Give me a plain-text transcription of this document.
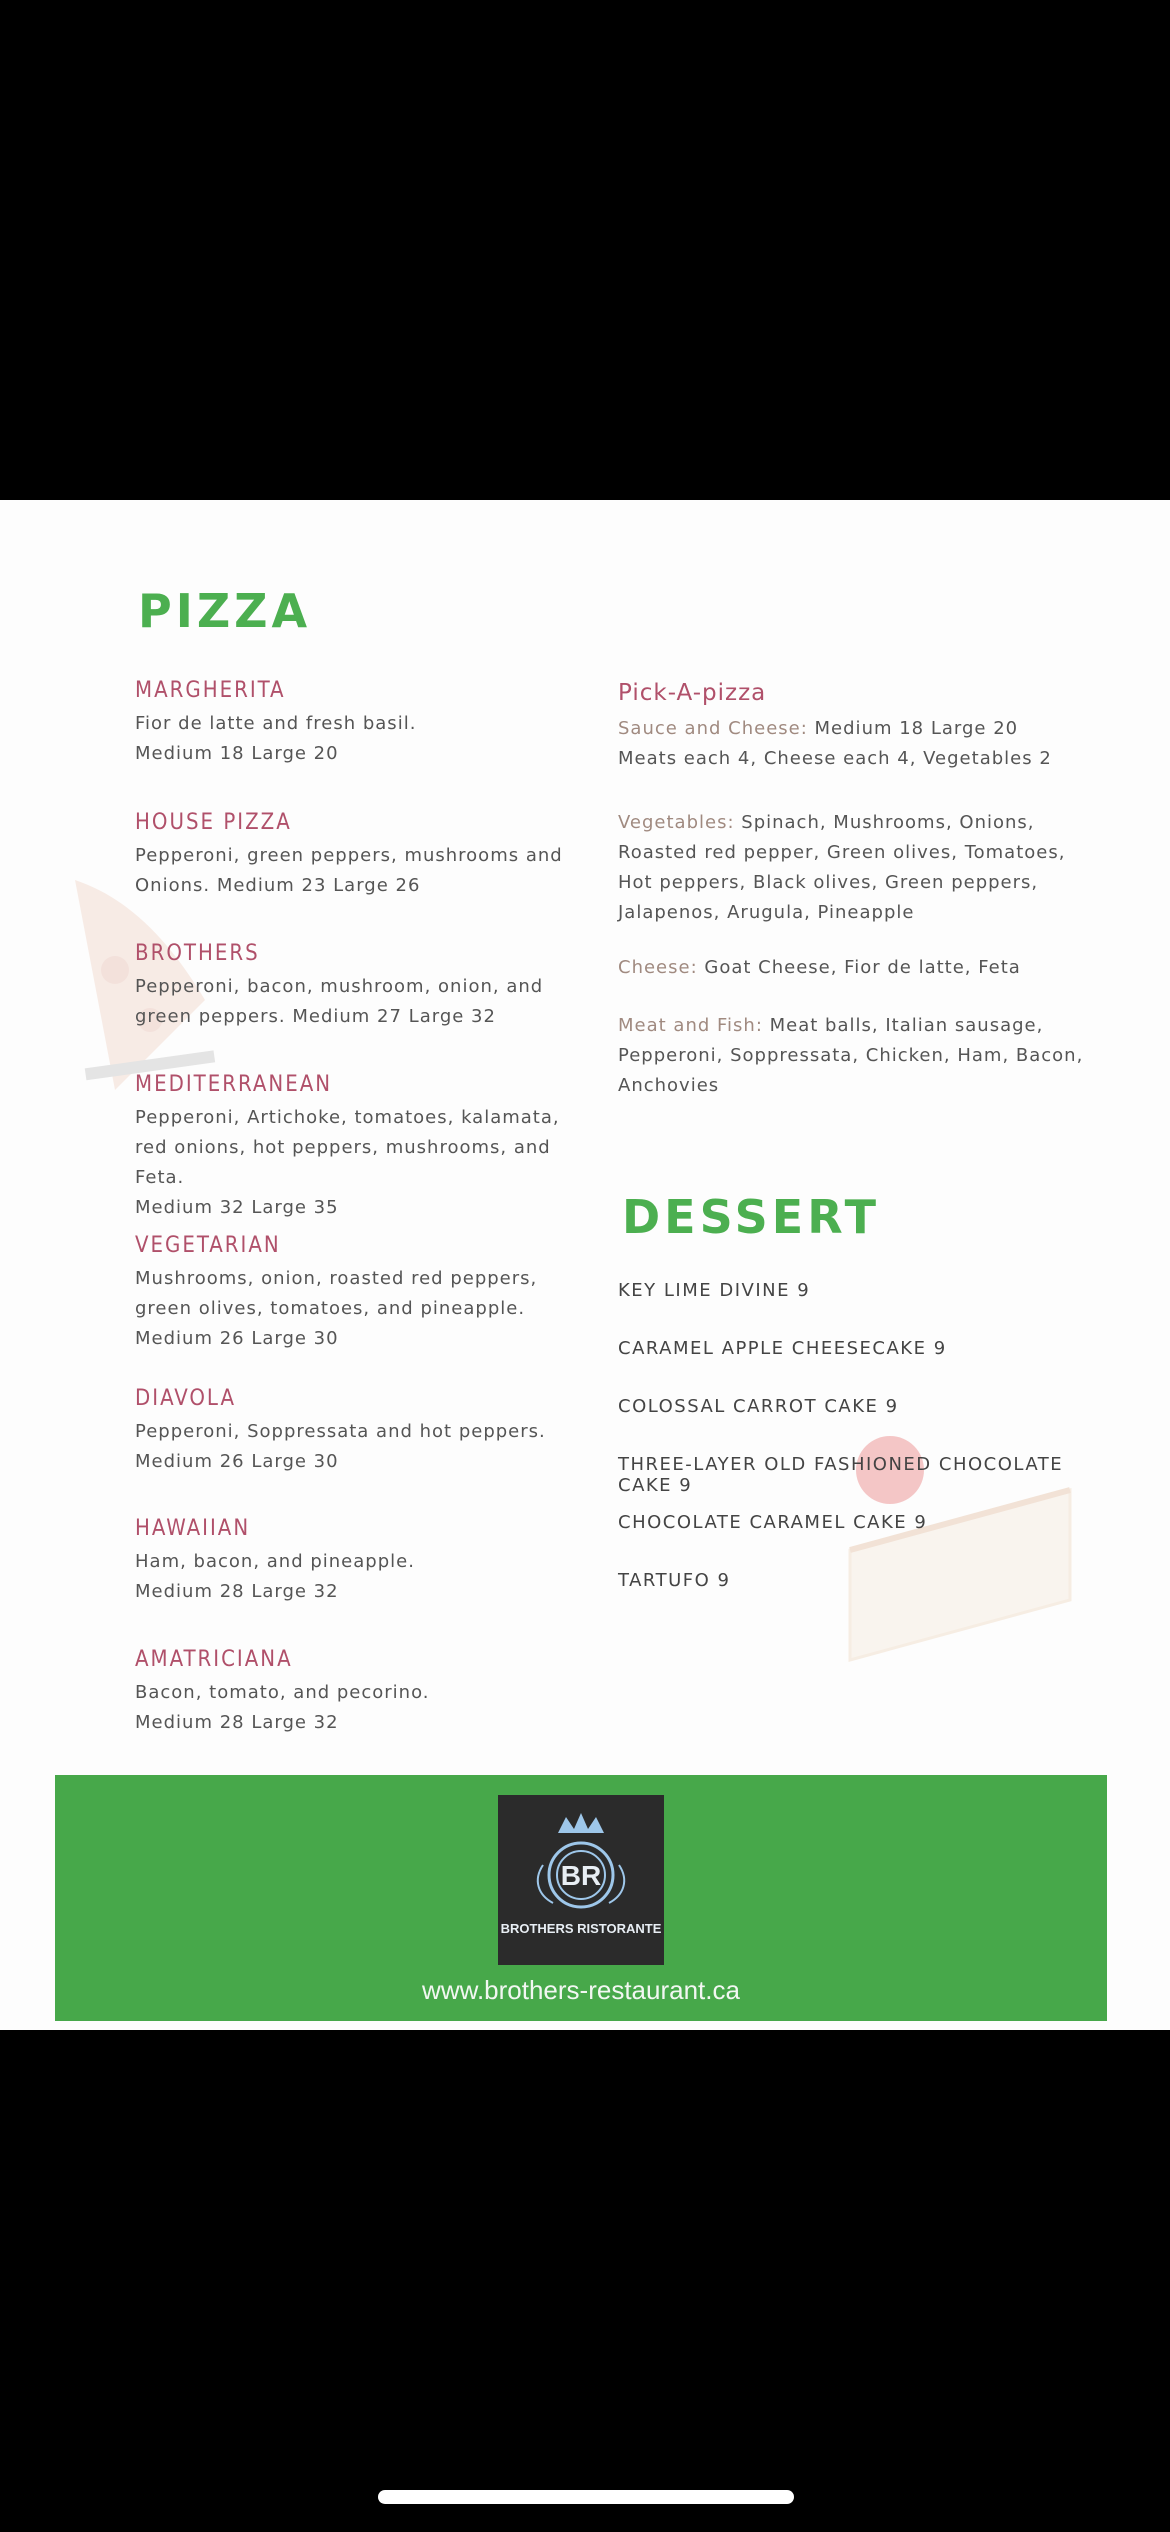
PIZZA
MARGHERITA

Fior de latte and fresh basil.

Medium 18 Large 20

HOUSE PIZZA

Pepperoni, green peppers, mushrooms and Onions. Medium 23 Large 26

BROTHERS

Pepperoni, bacon, mushroom, onion, and green peppers. Medium 27 Large 32

MEDITERRANEAN

Pepperoni, Artichoke, tomatoes, kalamata, red onions, hot peppers, mushrooms, and Feta.

Medium 32 Large 35

VEGETARIAN

Mushrooms, onion, roasted red peppers, green olives, tomatoes, and pineapple.

Medium 26 Large 30

DIAVOLA

Pepperoni, Soppressata and hot peppers.

Medium 26 Large 30

HAWAIIAN

Ham, bacon, and pineapple.

Medium 28 Large 32

AMATRICIANA

Bacon, tomato, and pecorino.

Medium 28 Large 32

Pick-A-pizza
Sauce and Cheese: Medium 18 Large 20
Meats each 4, Cheese each 4, Vegetables 2
Vegetables: Spinach, Mushrooms, Onions, Roasted red pepper, Green olives, Tomatoes, Hot peppers, Black olives, Green peppers, Jalapenos, Arugula, Pineapple
Cheese: Goat Cheese, Fior de latte, Feta
Meat and Fish: Meat balls, Italian sausage, Pepperoni, Soppressata, Chicken, Ham, Bacon, Anchovies
DESSERT

KEY LIME DIVINE 9

CARAMEL APPLE CHEESECAKE 9

COLOSSAL CARROT CAKE 9

THREE-LAYER OLD FASHIONED CHOCOLATE CAKE 9

CHOCOLATE CARAMEL CAKE 9

TARTUFO 9

BR
BROTHERS RISTORANTE
www.brothers-restaurant.ca
